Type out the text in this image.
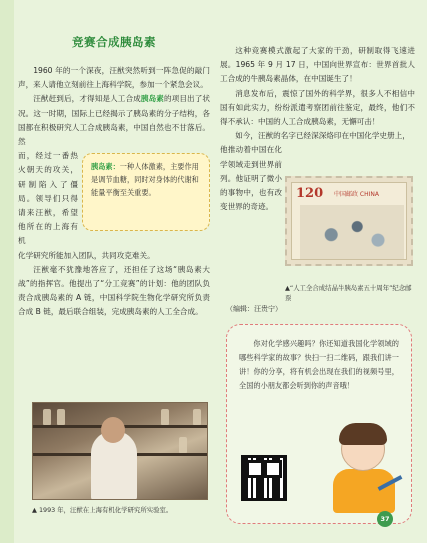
竞赛合成胰岛素

1960 年的一个深夜，汪猷突然听到一阵急促的敲门声，来人请他立刻前往上海科学院，参加一个紧急会议。

汪猷赶到后，才得知是人工合成胰岛素的项目出了状况。这一时期，国际上已经揭示了胰岛素的分子结构，各国都在积极研究人工合成胰岛素，中国自然也不甘落后。然

而，经过一番热火朝天的攻关，研制陷入了僵局。领导们只得请来汪猷，希望他所在的上海有机
胰岛素：一种人体激素，主要作用是调节血糖，同时对身体的代谢和能量平衡至关重要。

化学研究所能加入团队，共同攻克难关。

汪猷毫不犹豫地答应了，还担任了这场“胰岛素大战”的指挥官。他提出了“分工竞赛”的计划：他的团队负责合成胰岛素的 A 链，中国科学院生物化学研究所负责合成 B 链，最后联合组装，完成胰岛素的人工全合成。

▲ 1993 年，汪猷在上海有机化学研究所实验室。

这种竞赛模式激起了大家的干劲，研制取得飞速进展。1965 年 9 月 17 日，中国向世界宣布：世界首批人工合成的牛胰岛素晶体，在中国诞生了！

消息发布后，震惊了国外的科学界，很多人不相信中国有如此实力，纷纷派遣考察团前往鉴定，最终，他们不得不承认：中国的人工合成胰岛素，无懈可击！

如今，汪猷的名字已经深深烙印在中国化学史册上，

他推动着中国在化学领域走到世界前列。他证明了微小的事物中，也有改变世界的奇迹。
120 中国邮政 CHINA
▲“人工全合成结晶牛胰岛素五十周年”纪念邮票
（编辑：汪贵宁）

你对化学感兴趣吗？你还知道我国化学领域的哪些科学家的故事？快扫一扫二维码，跟我们讲一讲！你的分享，将有机会出现在我们的视频号里，全国的小朋友都会听到你的声音哦！

37
